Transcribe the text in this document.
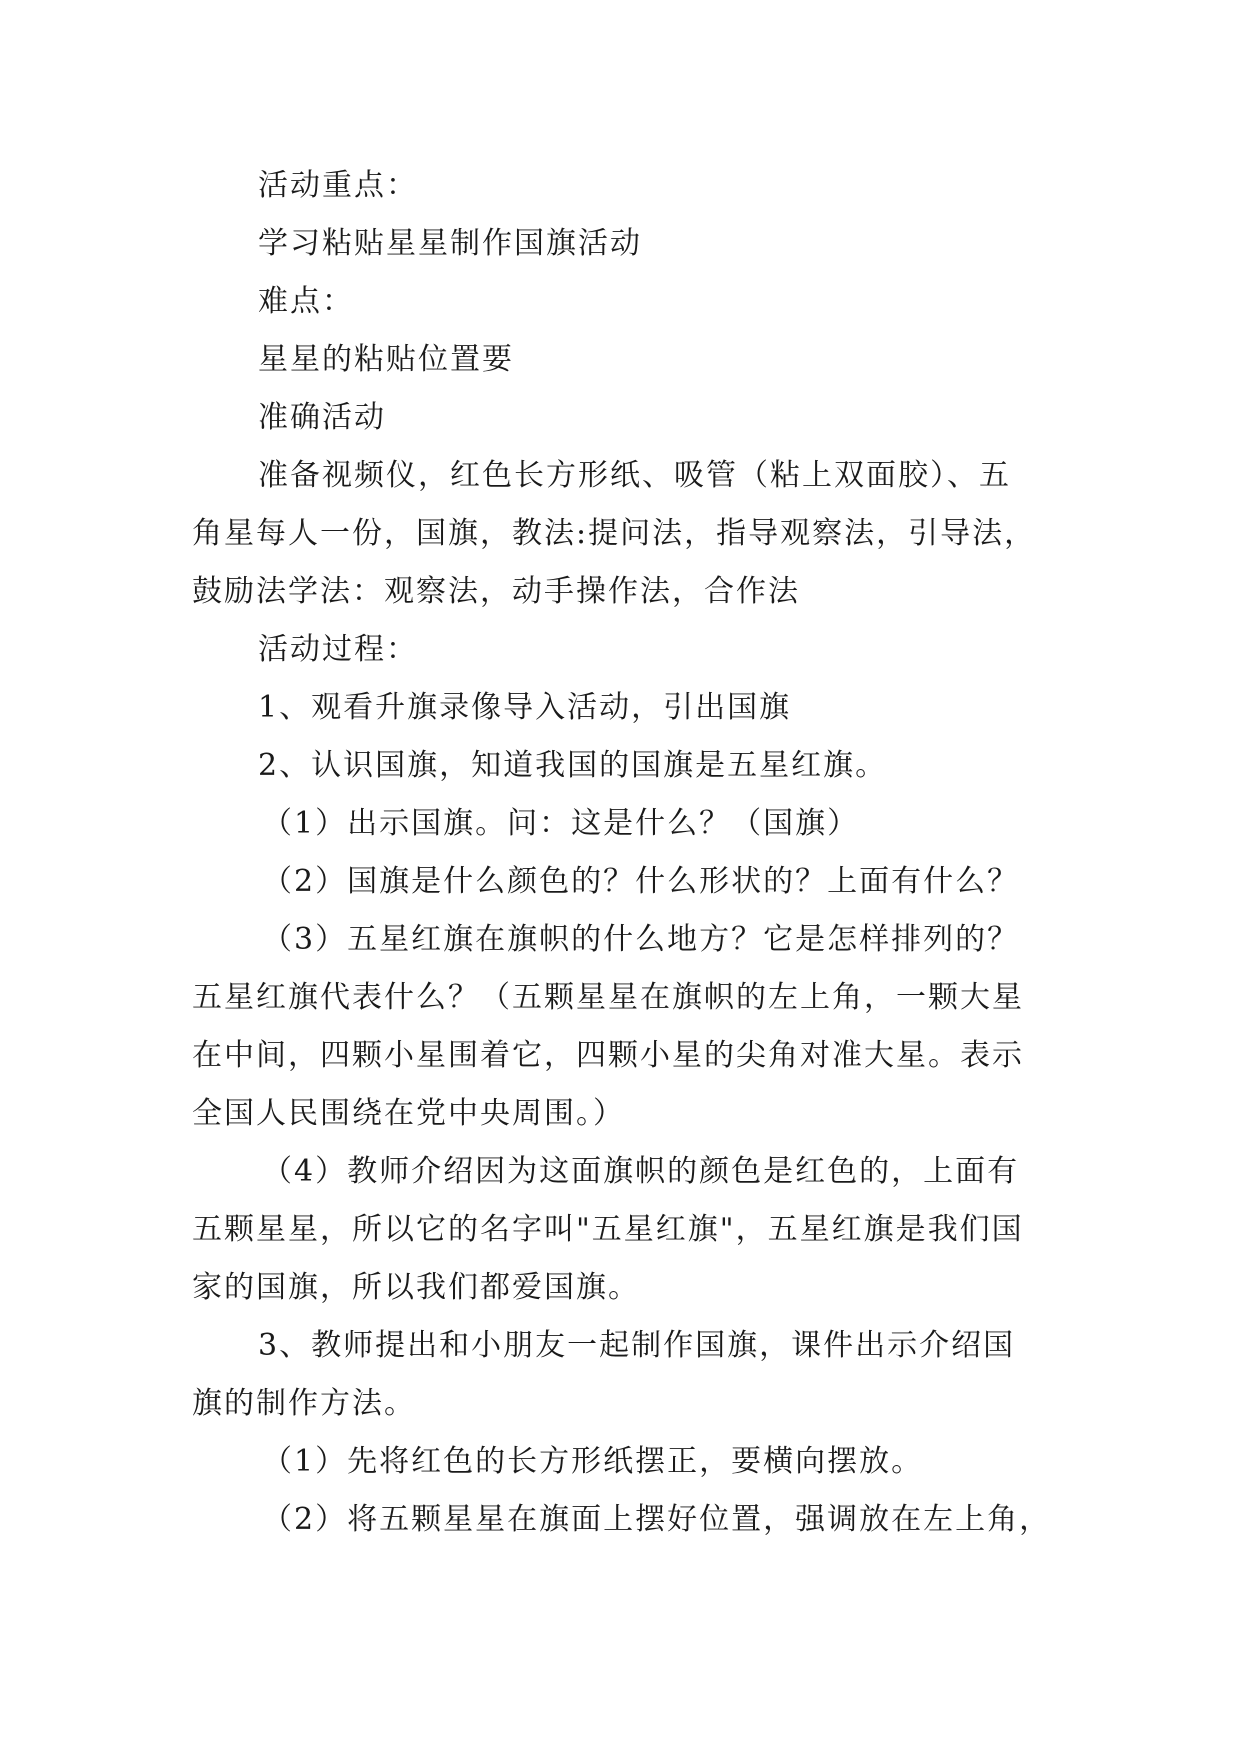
活动重点：
学习粘贴星星制作国旗活动
难点：
星星的粘贴位置要
准确活动
准备视频仪，红色长方形纸、吸管（粘上双面胶）、五
角星每人一份，国旗，教法:提问法，指导观察法，引导法，
鼓励法学法：观察法，动手操作法，合作法
活动过程：
1、观看升旗录像导入活动，引出国旗
2、认识国旗，知道我国的国旗是五星红旗。
（1）出示国旗。问：这是什么？（国旗）
（2）国旗是什么颜色的？什么形状的？上面有什么？
（3）五星红旗在旗帜的什么地方？它是怎样排列的？
五星红旗代表什么？（五颗星星在旗帜的左上角，一颗大星
在中间，四颗小星围着它，四颗小星的尖角对准大星。表示
全国人民围绕在党中央周围。）
（4）教师介绍因为这面旗帜的颜色是红色的，上面有
五颗星星，所以它的名字叫"五星红旗"，五星红旗是我们国
家的国旗，所以我们都爱国旗。
3、教师提出和小朋友一起制作国旗，课件出示介绍国
旗的制作方法。
（1）先将红色的长方形纸摆正，要横向摆放。
（2）将五颗星星在旗面上摆好位置，强调放在左上角，
